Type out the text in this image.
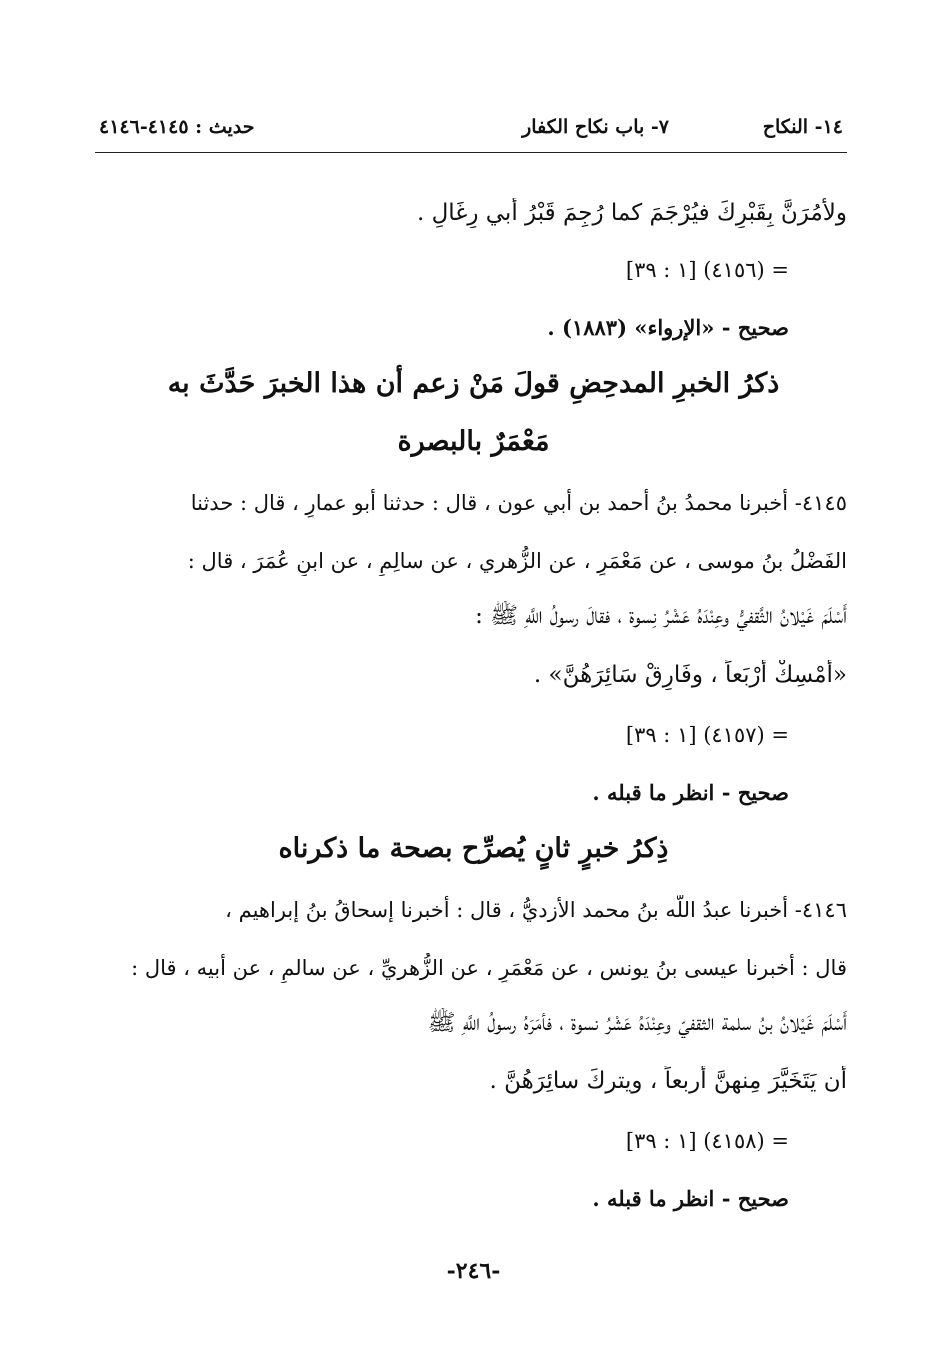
١٤- النكاح
٧- باب نكاح الكفار
حديث : ٤١٤٥-٤١٤٦
ولأمُرَنَّ بِقَبْرِكَ فيُرْجَمَ كما رُجِمَ قَبْرُ أبي رِغَالٍ .
= (٤١٥٦) [١ : ٣٩]
صحيح - «الإرواء» (١٨٨٣) .
ذكرُ الخبرِ المدحِضِ قولَ مَنْ زعم أن هذا الخبرَ حَدَّثَ به
مَعْمَرٌ بالبصرة
٤١٤٥- أخبرنا محمدُ بنُ أحمد بن أبي عون ، قال : حدثنا أبو عمارٍ ، قال : حدثنا
الفَضْلُ بنُ موسى ، عن مَعْمَرٍ ، عن الزُّهري ، عن سالِمٍ ، عن ابنِ عُمَرَ ، قال :
أَسْلَمَ غَيْلانُ الثَّقفيُّ وعِنْدَهُ عَشْرُ نِسوة ، فقالَ رسولُ اللَّهِ ﷺ :
«أَمْسِكْ أَرْبَعاً ، وفَارِقْ سَائِرَهُنَّ» .
= (٤١٥٧) [١ : ٣٩]
صحيح - انظر ما قبله .
ذِكرُ خبرٍ ثانٍ يُصرِّح بصحة ما ذكرناه
٤١٤٦- أخبرنا عبدُ اللَّه بنُ محمد الأزديُّ ، قال : أخبرنا إسحاقُ بنُ إبراهيم ،
قال : أخبرنا عيسى بنُ يونس ، عن مَعْمَرٍ ، عن الزُّهريِّ ، عن سالمٍ ، عن أبيه ، قال :
أَسْلَمَ غَيْلانُ بنُ سلمة الثقفيّ وعِنْدَهُ عَشْرُ نسوة ، فأمَرَهُ رسولُ اللَّهِ ﷺ
أن يَتَخَيَّرَ مِنهنَّ أربعاً ، ويتركَ سائِرَهُنَّ .
= (٤١٥٨) [١ : ٣٩]
صحيح - انظر ما قبله .
-٢٤٦-
